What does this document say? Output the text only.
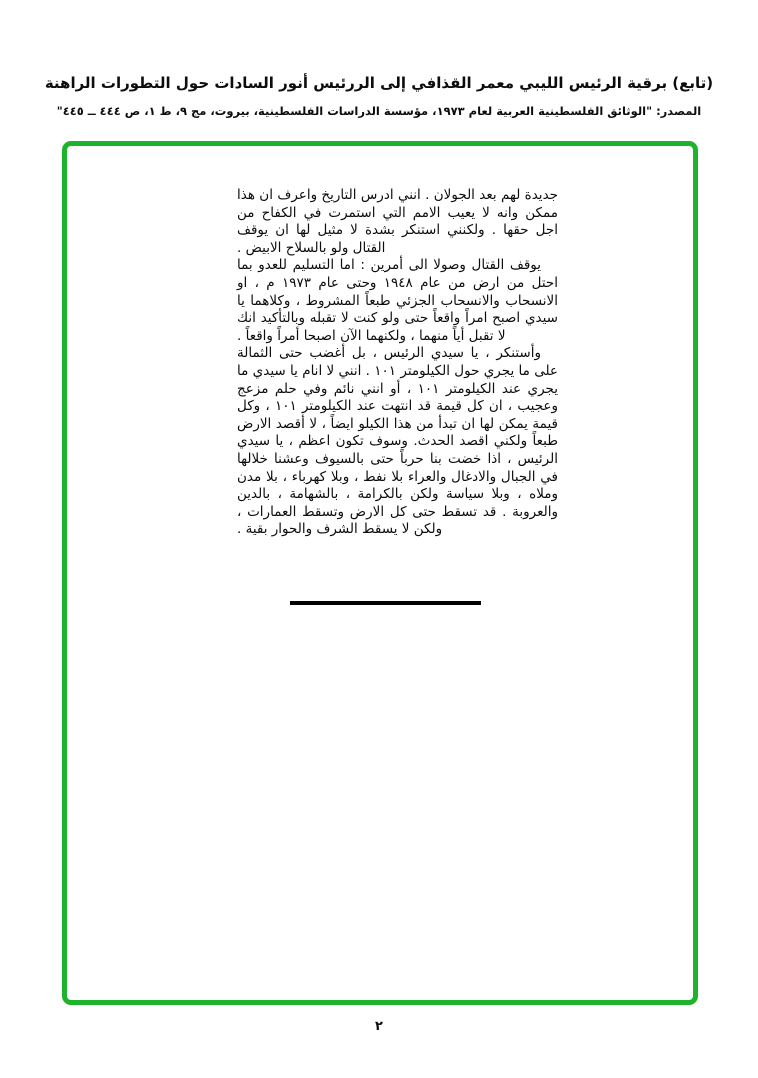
(تابع) برقية الرئيس الليبي معمر القذافي إلى الررئيس أنور السادات حول التطورات الراهنة
المصدر: "الوثائق الفلسطينية العربية لعام ١٩٧٣، مؤسسة الدراسات الفلسطينية، بيروت، مج ٩، ط ١، ص ٤٤٤ ــ ٤٤٥"

جديدة لهم بعد الجولان . انني ادرس التاريخ واعرف ان هذا ممكن وانه لا يعيب الامم التي استمرت في الكفاح من اجل حقها . ولكنني استنكر بشدة لا مثيل لها ان يوقف القتال ولو بالسلاح الابيض .

يوقف القتال وصولا الى أمرين : اما التسليم للعدو بما احتل من ارض من عام ١٩٤٨ وحتى عام ١٩٧٣ م ، او الانسحاب والانسحاب الجزئي طبعاً المشروط ، وكلاهما يا سيدي اصبح امراً واقعاً حتى ولو كنت لا تقبله وبالتأكيد انك لا تقبل أياً منهما ، ولكنهما الآن اصبحا أمراً واقعاً .

وأستنكر ، يا سيدي الرئيس ، بل أغضب حتى الثمالة على ما يجري حول الكيلومتر ١٠١ . انني لا انام يا سيدي ما يجري عند الكيلومتر ١٠١ ، أو انني نائم وفي حلم مزعج وعجيب ، ان كل قيمة قد انتهت عند الكيلومتر ١٠١ ، وكل قيمة يمكن لها ان تبدأ من هذا الكيلو ايضاً ، لا أقصد الارض طبعاً ولكني اقصد الحدث. وسوف تكون اعظم ، يا سيدي الرئيس ، اذا خضت بنا حرباً حتى بالسيوف وعشنا خلالها في الجبال والادغال والعراء بلا نفط ، وبلا كهرباء ، بلا مدن وملاه ، وبلا سياسة ولكن بالكرامة ، بالشهامة ، بالدين والعروبة . قد تسقط حتى كل الارض وتسقط العمارات ، ولكن لا يسقط الشرف والحوار بقية .

٢
